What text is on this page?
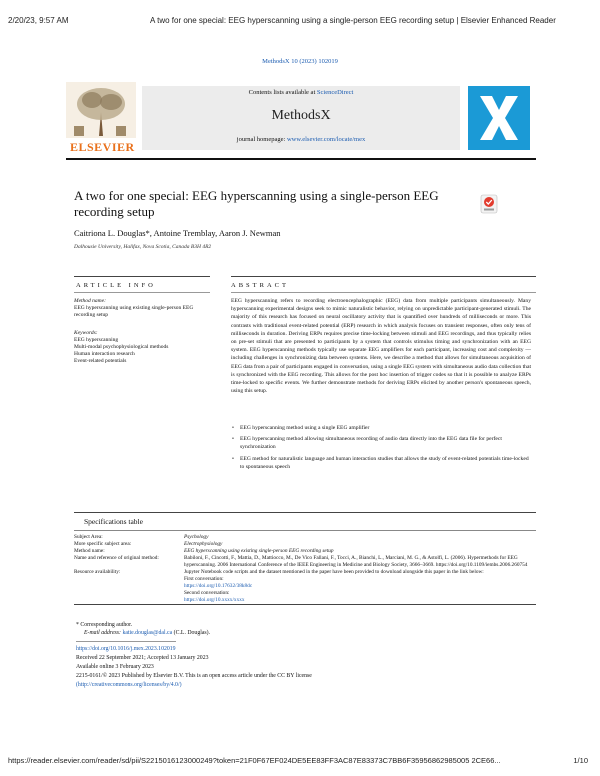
2/20/23, 9:57 AM	A two for one special: EEG hyperscanning using a single-person EEG recording setup | Elsevier Enhanced Reader
MethodsX 10 (2023) 102019
ELSEVIER
Contents lists available at ScienceDirect
MethodsX
journal homepage: www.elsevier.com/locate/mex
A two for one special: EEG hyperscanning using a single-person EEG recording setup
Caitriona L. Douglas*, Antoine Tremblay, Aaron J. Newman
Dalhousie University, Halifax, Nova Scotia, Canada B3H 4R2
ARTICLE INFO	ABSTRACT
Method name:
EEG hyperscanning using existing single-person EEG recording setup
Keywords:
EEG hyperscanning
Multi-modal psychophysiological methods
Human interaction research
Event-related potentials
EEG hyperscanning refers to recording electroencephalographic (EEG) data from multiple participants simultaneously. Many hyperscanning experimental designs seek to mimic naturalistic behavior, relying on unpredictable participant-generated stimuli. The majority of this research has focused on neural oscillatory activity that is quantified over hundreds of milliseconds or more. This contrasts with traditional event-related potential (ERP) research in which analysis focuses on transient responses, often only tens of milliseconds in duration. Deriving ERPs requires precise time-locking between stimuli and EEG recordings, and thus typically relies on pre-set stimuli that are presented to participants by a system that controls stimulus timing and synchronization with an EEG system. EEG hyperscanning methods typically use separate EEG amplifiers for each participant, increasing cost and complexity — including challenges in synchronizing data between systems. Here, we describe a method that allows for simultaneous acquisition of EEG data from a pair of participants engaged in conversation, using a single EEG system with simultaneous audio data collection that is synchronized with the EEG recording. This allows for the post hoc insertion of trigger codes so that it is possible to analyze ERPs time-locked to specific events. We further demonstrate methods for deriving ERPs elicited by another person's spontaneous speech, using this setup.
• EEG hyperscanning method using a single EEG amplifier
• EEG hyperscanning method allowing simultaneous recording of audio data directly into the EEG data file for perfect synchronization
• EEG method for naturalistic language and human interaction studies that allows the study of event-related potentials time-locked to spontaneous speech
Specifications table
Subject Area:	Psychology
More specific subject area:	Electrophysiology
Method name:	EEG hyperscanning using existing single-person EEG recording setup
Name and reference of original method:	Babiloni, F., Cincotti, F., Mattia, D., Mattiocco, M., De Vico Fallani, F., Tocci, A., Bianchi, L., Marciani, M. G., & Astolfi, L. (2006). Hypermethods for EEG hyperscanning. 2006 International Conference of the IEEE Engineering in Medicine and Biology Society, 3666–3669. https://doi.org/10.1109/iembs.2006.260754
Resource availability:	Jupyter Notebook code scripts and the dataset mentioned in the paper have been provided to download alongside this paper in the link below:
	First conversation:
	https://doi.org/10.17632/38k8dc
	Second conversation:
	https://doi.org/10.xxxx/xxxx
* Corresponding author.
E-mail address: katie.douglas@dal.ca (C.L. Douglas).
https://doi.org/10.1016/j.mex.2023.102019
Received 22 September 2021; Accepted 13 January 2023
Available online 3 February 2023
2215-0161/© 2023 Published by Elsevier B.V. This is an open access article under the CC BY license
(http://creativecommons.org/licenses/by/4.0/)
https://reader.elsevier.com/reader/sd/pii/S2215016123000249?token=21F0F67EF024DE5EE83FF3AC87E83373C7BB6F35956862985005 2CE66...	1/10
